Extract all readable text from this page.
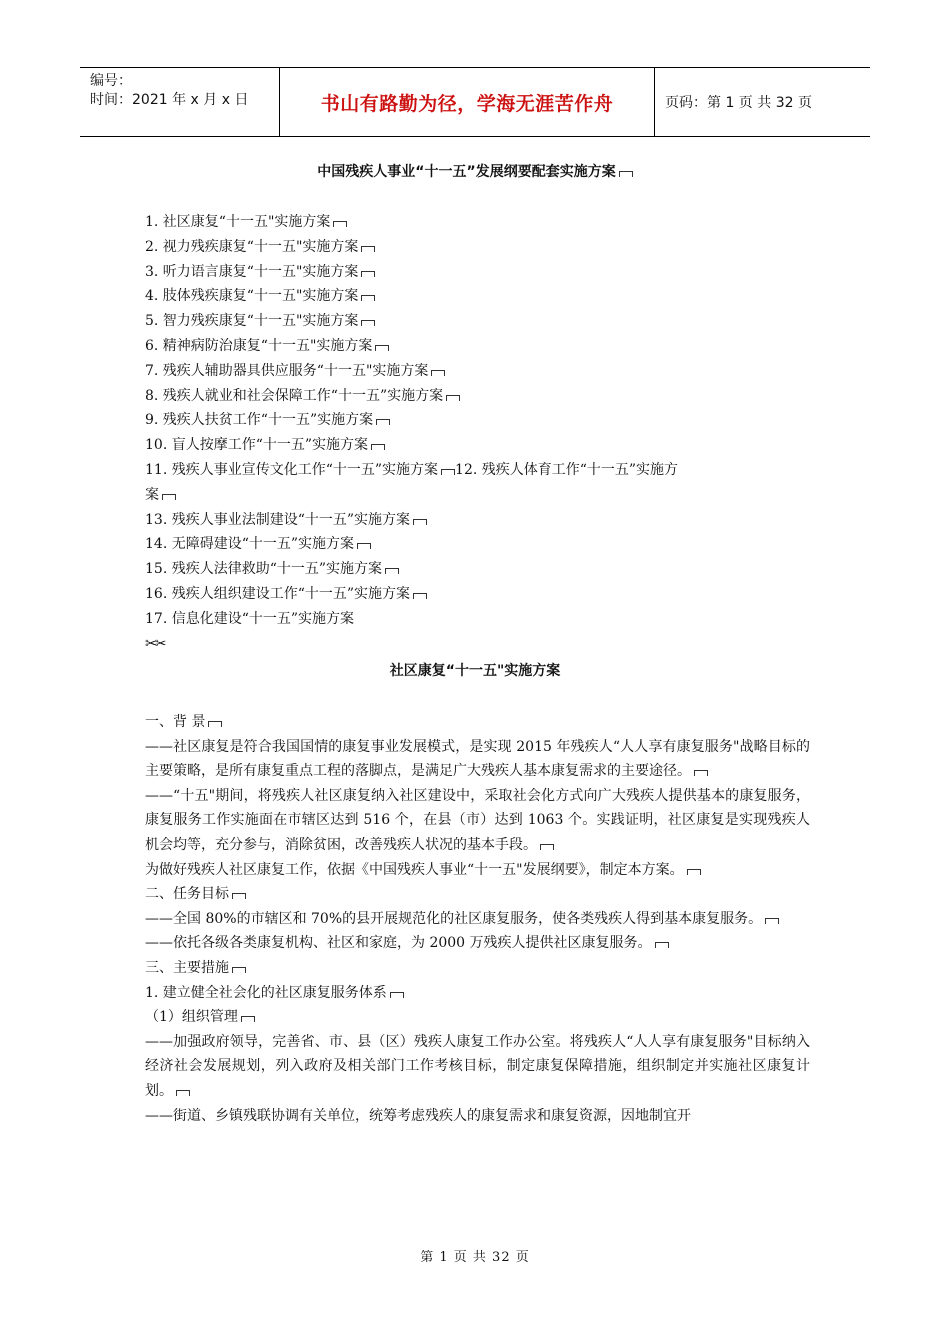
编号：
时间：2021 年 x 月 x 日	书山有路勤为径，学海无涯苦作舟	页码：第 1 页 共 32 页
中国残疾人事业“十一五”发展纲要配套实施方案
1. 社区康复“十一五"实施方案
2. 视力残疾康复“十一五"实施方案
3. 听力语言康复“十一五"实施方案
4. 肢体残疾康复“十一五"实施方案
5. 智力残疾康复“十一五"实施方案
6. 精神病防治康复“十一五"实施方案
7. 残疾人辅助器具供应服务“十一五"实施方案
8. 残疾人就业和社会保障工作“十一五”实施方案
9. 残疾人扶贫工作“十一五”实施方案
10. 盲人按摩工作“十一五”实施方案
11. 残疾人事业宣传文化工作“十一五”实施方案 12. 残疾人体育工作“十一五”实施方
案
13. 残疾人事业法制建设“十一五”实施方案
14. 无障碍建设“十一五”实施方案
15. 残疾人法律救助“十一五”实施方案
16. 残疾人组织建设工作“十一五”实施方案
17. 信息化建设“十一五”实施方案
✂✂
社区康复“十一五"实施方案
一、背 景
——社区康复是符合我国国情的康复事业发展模式，是实现 2015 年残疾人“人人享有康复服务"战略目标的主要策略，是所有康复重点工程的落脚点，是满足广大残疾人基本康复需求的主要途径。
——“十五"期间，将残疾人社区康复纳入社区建设中，采取社会化方式向广大残疾人提供基本的康复服务，康复服务工作实施面在市辖区达到 516 个，在县（市）达到 1063 个。实践证明，社区康复是实现残疾人机会均等，充分参与，消除贫困，改善残疾人状况的基本手段。
为做好残疾人社区康复工作，依据《中国残疾人事业“十一五"发展纲要》，制定本方案。
二、任务目标
——全国 80%的市辖区和 70%的县开展规范化的社区康复服务，使各类残疾人得到基本康复服务。
——依托各级各类康复机构、社区和家庭，为 2000 万残疾人提供社区康复服务。
三、主要措施
1. 建立健全社会化的社区康复服务体系
（1）组织管理
——加强政府领导，完善省、市、县（区）残疾人康复工作办公室。将残疾人“人人享有康复服务"目标纳入经济社会发展规划，列入政府及相关部门工作考核目标，制定康复保障措施，组织制定并实施社区康复计划。
——街道、乡镇残联协调有关单位，统筹考虑残疾人的康复需求和康复资源，因地制宜开
第 1 页 共 32 页
